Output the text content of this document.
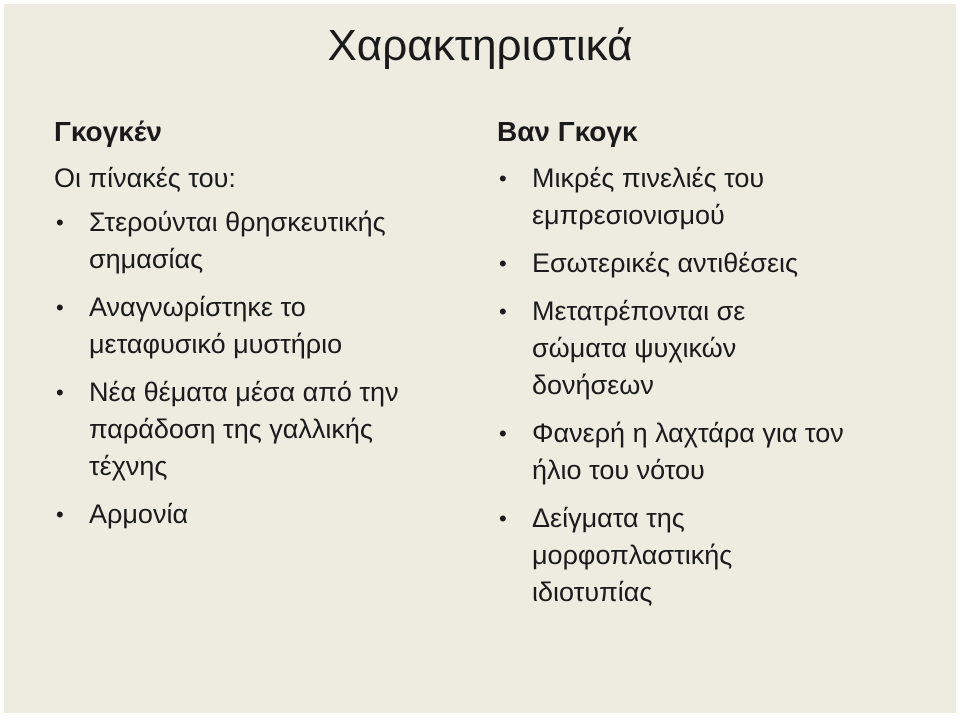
Χαρακτηριστικά
Γκογκέν
Οι πίνακές του:
• Στερούνται θρησκευτικής σημασίας
• Αναγνωρίστηκε το μεταφυσικό μυστήριο
• Νέα θέματα μέσα από την παράδοση της γαλλικής τέχνης
• Αρμονία
Βαν Γκογκ
• Μικρές πινελιές του εμπρεσιονισμού
• Εσωτερικές αντιθέσεις
• Μετατρέπονται σε σώματα ψυχικών δονήσεων
• Φανερή η λαχτάρα για τον ήλιο του νότου
• Δείγματα της μορφοπλαστικής ιδιοτυπίας
